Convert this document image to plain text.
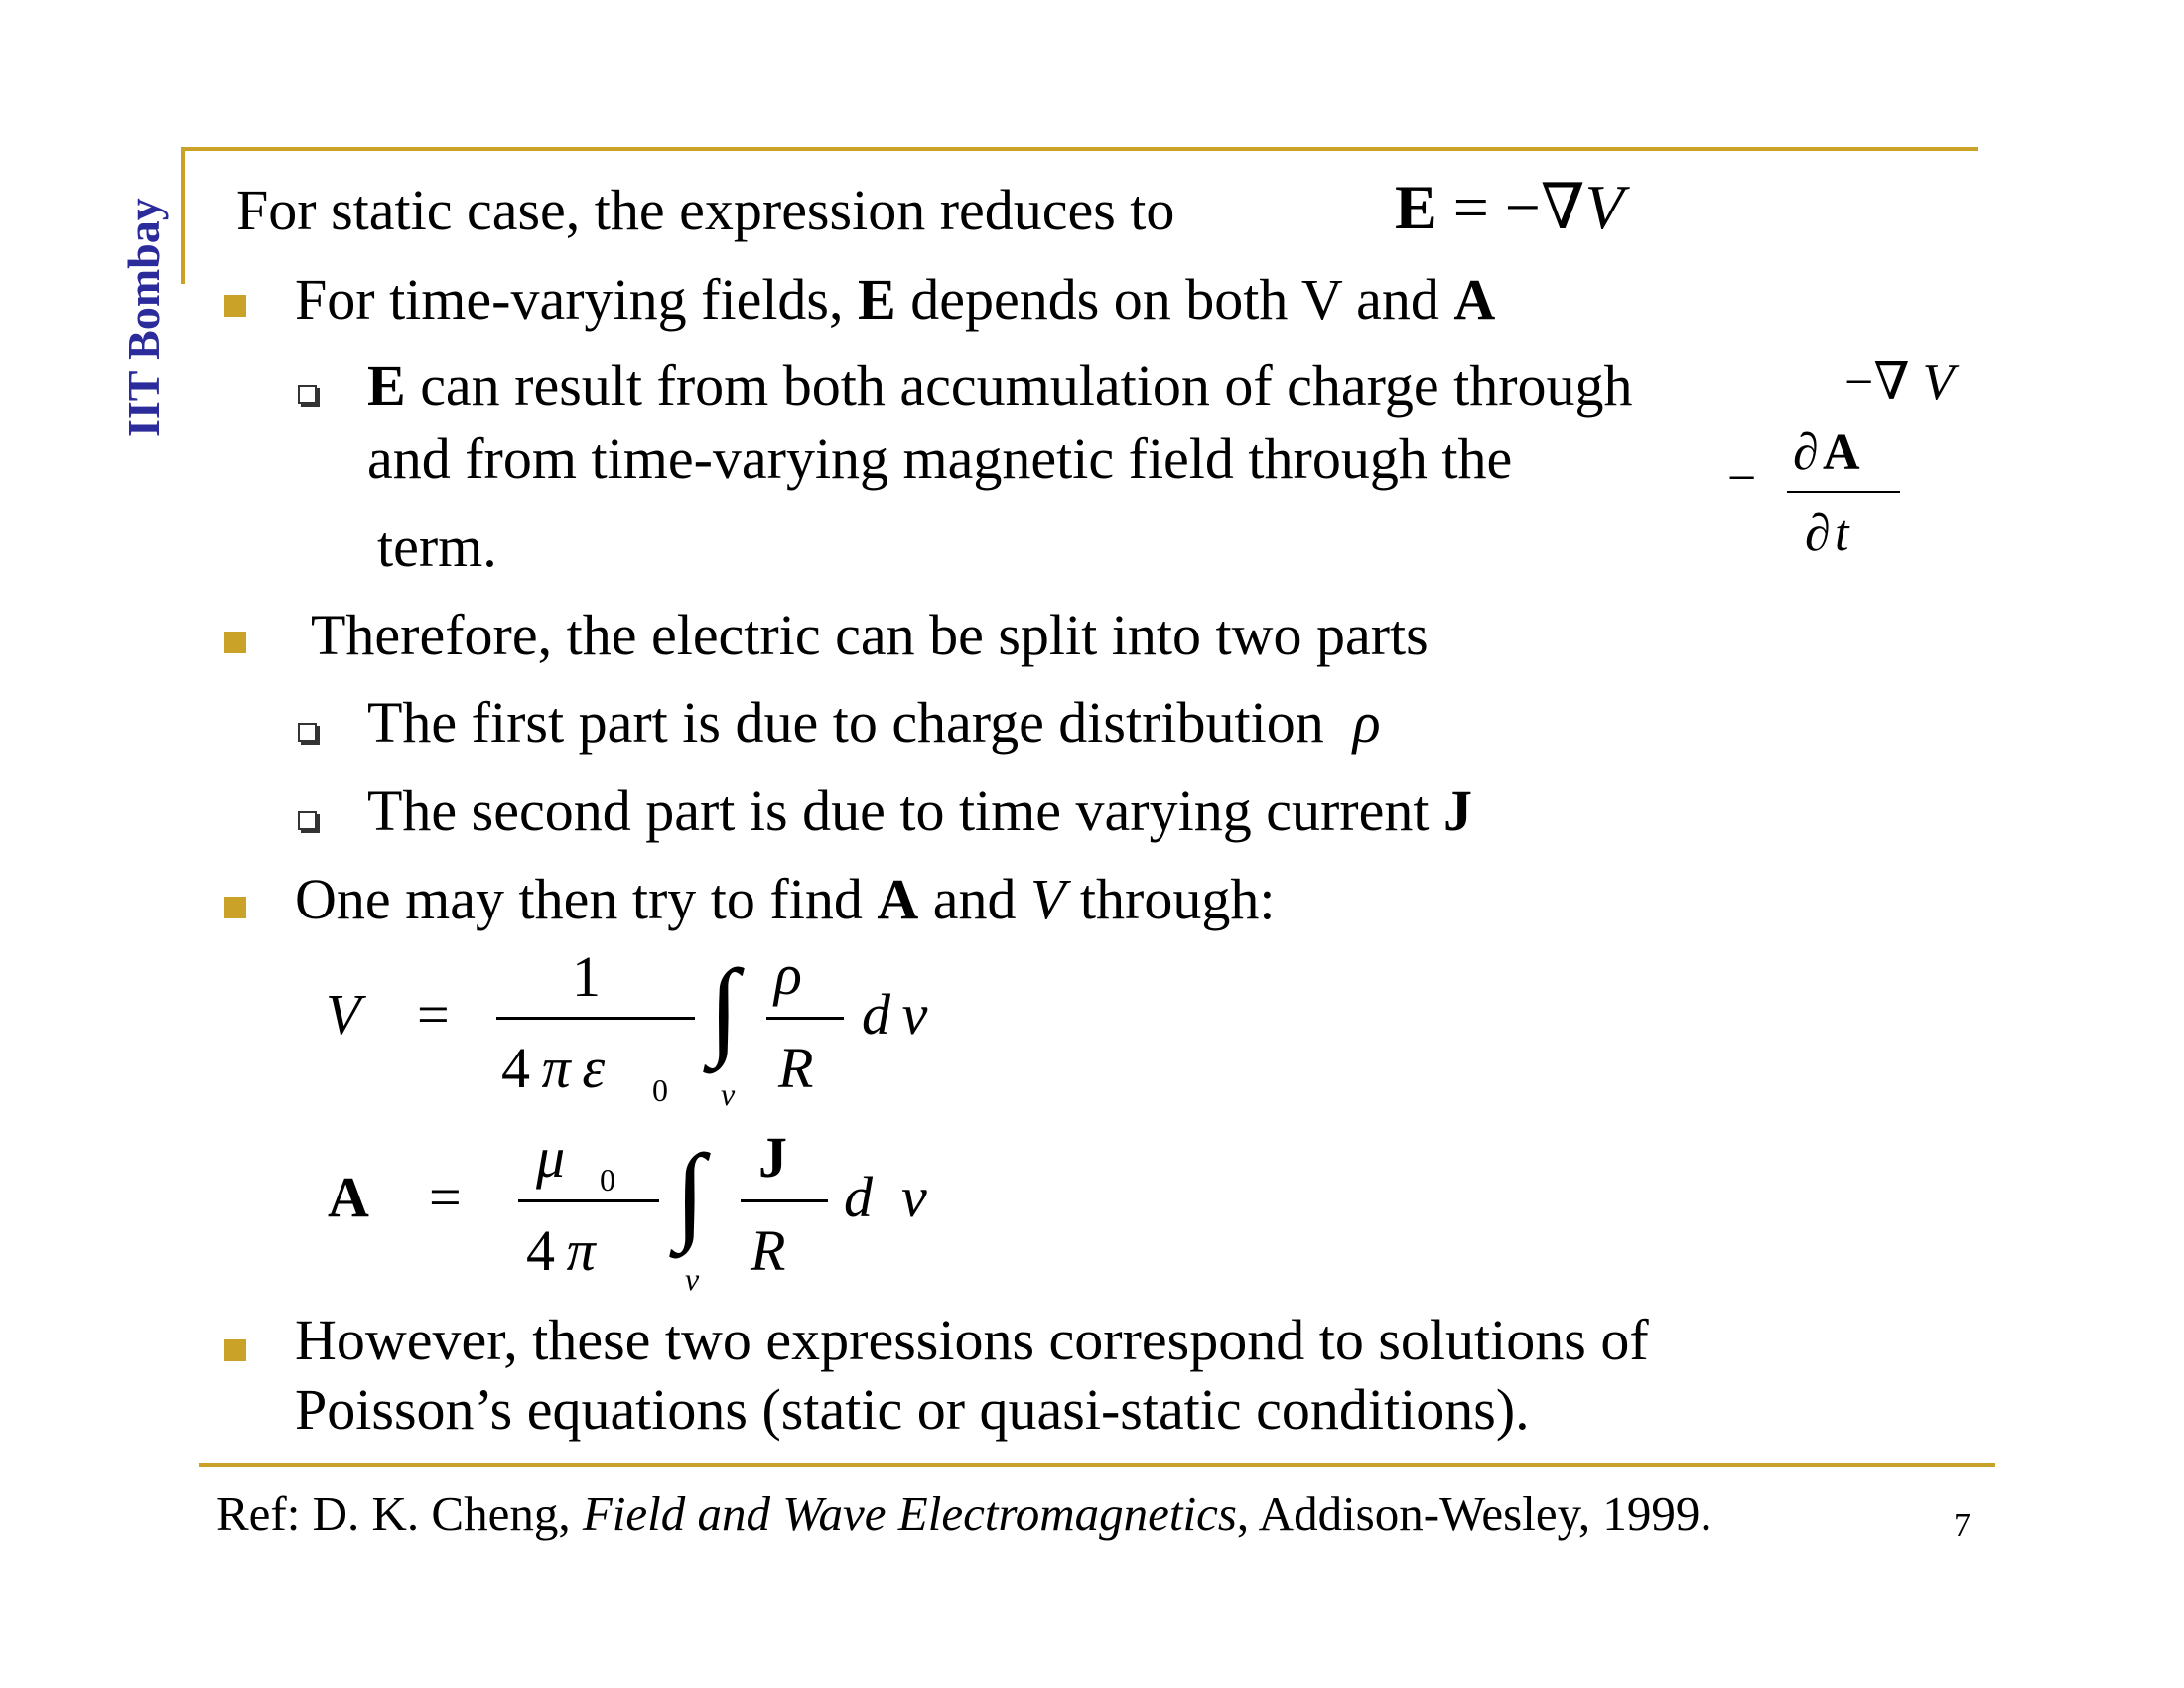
IIT Bombay For static case, the expression reduces to	E = −∇V
For time-varying fields, E depends on both V and A
E can result from both accumulation of charge through	−∇ V
and from time-varying magnetic field through the	− ∂ A
∂ t
term.
Therefore, the electric can be split into two parts
The first part is due to charge distribution ρ
The second part is due to time varying current J
One may then try to find A and V through:
V =
1
4  π  ε 0
∫
v
ρ
R
d  v
A =
μ 0
4  π ∫
v
J
R
d  v
However, these two expressions correspond to solutions of
Poisson’s equations (static or quasi-static conditions).
Ref: D. K. Cheng, Field and Wave Electromagnetics, Addison-Wesley, 1999.	7
